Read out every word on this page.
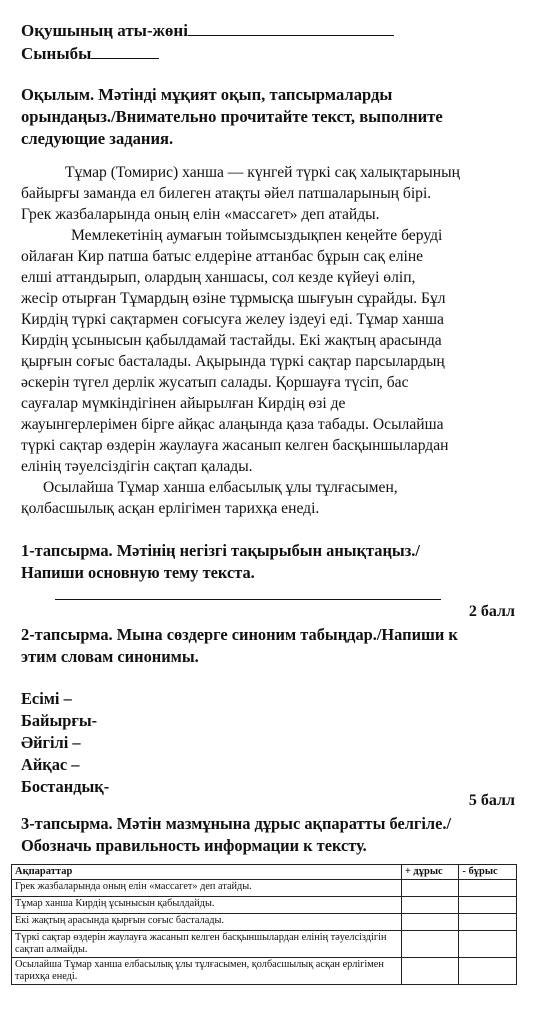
Оқушының аты-жөні
Сыныбы
Оқылым. Мәтінді мұқият оқып, тапсырмаларды
орындаңыз./Внимательно прочитайте текст, выполните
следующие задания.
Тұмар (Томирис) ханша — күнгей түркі сақ халықтарының
байырғы заманда ел билеген атақты әйел патшаларының бірі.
Грек жазбаларында оның елін «массагет» деп атайды.
Мемлекетінің аумағын тойымсыздықпен кеңейте беруді
ойлаған Кир патша батыс елдеріне аттанбас бұрын сақ еліне
елші аттандырып, олардың ханшасы, сол кезде күйеуі өліп,
жесір отырған Тұмардың өзіне тұрмысқа шығуын сұрайды. Бұл
Кирдің түркі сақтармен соғысуға желеу іздеуі еді. Тұмар ханша
Кирдің ұсынысын қабылдамай тастайды. Екі жақтың арасында
қырғын соғыс басталады. Ақырында түркі сақтар парсылардың
әскерін түгел дерлік жусатып салады. Қоршауға түсіп, бас
сауғалар мүмкіндігінен айырылған Кирдің өзі де
жауынгерлерімен бірге айқас алаңында қаза табады. Осылайша
түркі сақтар өздерін жаулауға жасанып келген басқыншылардан
елінің тәуелсіздігін сақтап қалады.
Осылайша Тұмар ханша елбасылық ұлы тұлғасымен,
қолбасшылық асқан ерлігімен тарихқа енеді.
1-тапсырма. Мәтінің негізгі тақырыбын анықтаңыз./
Напиши основную тему текста.
2 балл
2-тапсырма. Мына сөздерге синоним табыңдар./Напиши к
этим словам синонимы.
Есімі –
Байырғы-
Әйгілі –
Айқас –
Бостандық-
5 балл
3-тапсырма. Мәтін мазмұнына дұрыс ақпаратты белгіле./
Обозначь правильность информации к тексту.
Ақпараттар	+ дұрыс	- бұрыс
Грек жазбаларында оның елін «массагет» деп атайды.		
Тұмар ханша Кирдің ұсынысын қабылдайды.		
Екі жақтың арасында қырғын соғыс басталады.		
Түркі сақтар өздерін жаулауға жасанып келген басқыншылардан елінің тәуелсіздігін сақтап алмайды.		
Осылайша Тұмар ханша елбасылық ұлы тұлғасымен, қолбасшылық асқан ерлігімен тарихқа енеді.		
